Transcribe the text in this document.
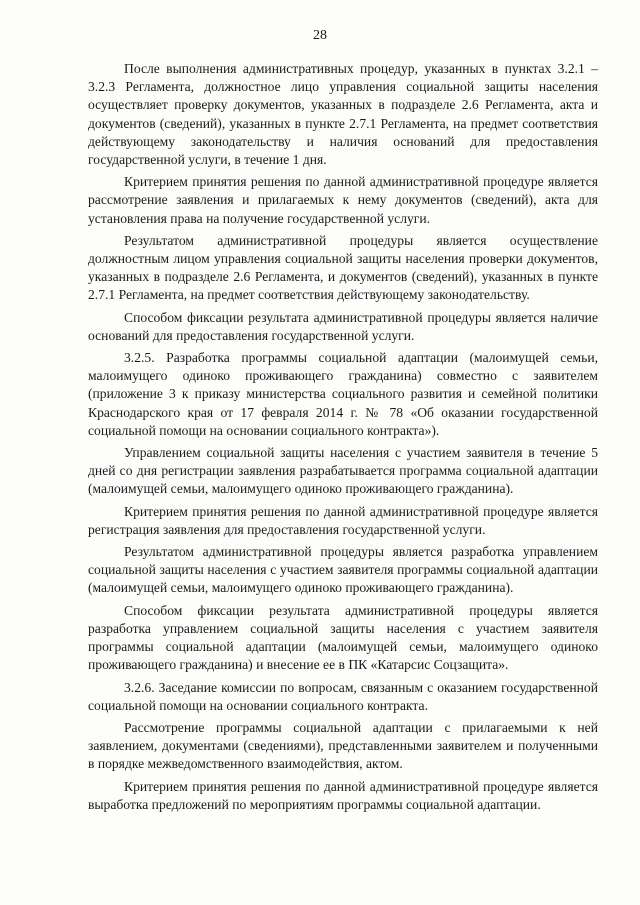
28

После выполнения административных процедур, указанных в пунктах 3.2.1 – 3.2.3 Регламента, должностное лицо управления социальной защиты населения осуществляет проверку документов, указанных в подразделе 2.6 Регламента, акта и документов (сведений), указанных в пункте 2.7.1 Регламента, на предмет соответствия действующему законодательству и наличия оснований для предоставления государственной услуги, в течение 1 дня.

Критерием принятия решения по данной административной процедуре является рассмотрение заявления и прилагаемых к нему документов (сведений), акта для установления права на получение государственной услуги.

Результатом административной процедуры является осуществление должностным лицом управления социальной защиты населения проверки документов, указанных в подразделе 2.6 Регламента, и документов (сведений), указанных в пункте 2.7.1 Регламента, на предмет соответствия действующему законодательству.

Способом фиксации результата административной процедуры является наличие оснований для предоставления государственной услуги.

3.2.5. Разработка программы социальной адаптации (малоимущей семьи, малоимущего одиноко проживающего гражданина) совместно с заявителем (приложение 3 к приказу министерства социального развития и семейной политики Краснодарского края от 17 февраля 2014 г. № 78 «Об оказании государственной социальной помощи на основании социального контракта»).

Управлением социальной защиты населения с участием заявителя в течение 5 дней со дня регистрации заявления разрабатывается программа социальной адаптации (малоимущей семьи, малоимущего одиноко проживающего гражданина).

Критерием принятия решения по данной административной процедуре является регистрация заявления для предоставления государственной услуги.

Результатом административной процедуры является разработка управлением социальной защиты населения с участием заявителя программы социальной адаптации (малоимущей семьи, малоимущего одиноко проживающего гражданина).

Способом фиксации результата административной процедуры является разработка управлением социальной защиты населения с участием заявителя программы социальной адаптации (малоимущей семьи, малоимущего одиноко проживающего гражданина) и внесение ее в ПК «Катарсис Соцзащита».

3.2.6. Заседание комиссии по вопросам, связанным с оказанием государственной социальной помощи на основании социального контракта.

Рассмотрение программы социальной адаптации с прилагаемыми к ней заявлением, документами (сведениями), представленными заявителем и полученными в порядке межведомственного взаимодействия, актом.

Критерием принятия решения по данной административной процедуре является выработка предложений по мероприятиям программы социальной адаптации.
